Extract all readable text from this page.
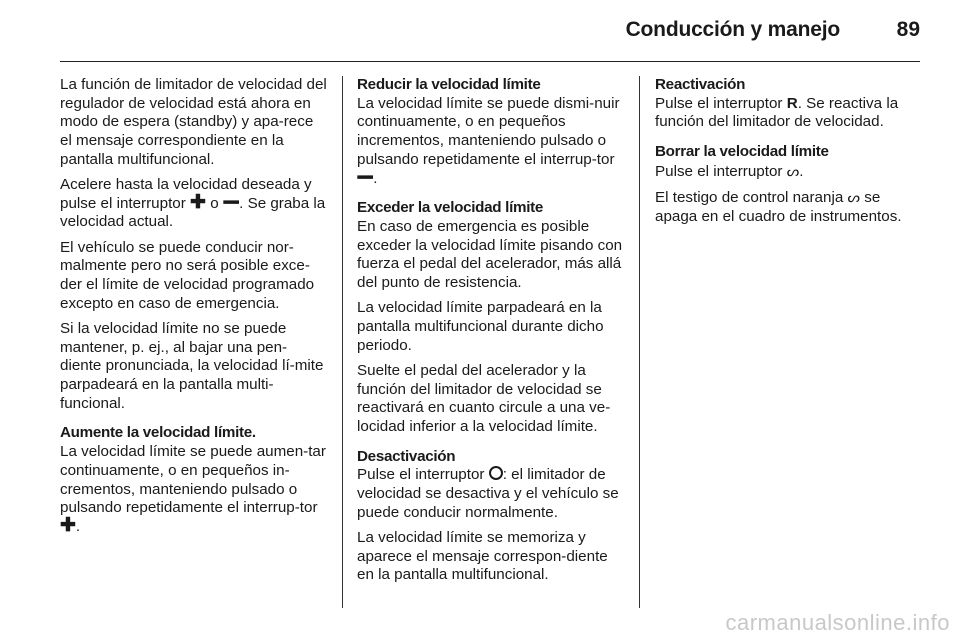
Conducción y manejo	89

La función de limitador de velocidad del regulador de velocidad está ahora en modo de espera (standby) y apa-rece el mensaje correspondiente en la pantalla multifuncional.

Acelere hasta la velocidad deseada y pulse el interruptor ✚ o ━. Se graba la velocidad actual.

El vehículo se puede conducir nor-malmente pero no será posible exce-der el límite de velocidad programado excepto en caso de emergencia.

Si la velocidad límite no se puede mantener, p. ej., al bajar una pen-diente pronunciada, la velocidad lí-mite parpadeará en la pantalla multi-funcional.

Aumente la velocidad límite.

La velocidad límite se puede aumen-tar continuamente, o en pequeños in-crementos, manteniendo pulsado o pulsando repetidamente el interrup-tor ✚.

Reducir la velocidad límite

La velocidad límite se puede dismi-nuir continuamente, o en pequeños incrementos, manteniendo pulsado o pulsando repetidamente el interrup-tor ━.

Exceder la velocidad límite

En caso de emergencia es posible exceder la velocidad límite pisando con fuerza el pedal del acelerador, más allá del punto de resistencia.

La velocidad límite parpadeará en la pantalla multifuncional durante dicho periodo.

Suelte el pedal del acelerador y la función del limitador de velocidad se reactivará en cuanto circule a una ve-locidad inferior a la velocidad límite.

Desactivación

Pulse el interruptor : el limitador de velocidad se desactiva y el vehículo se puede conducir normalmente.

La velocidad límite se memoriza y aparece el mensaje correspon-diente en la pantalla multifuncional.

Reactivación

Pulse el interruptor R. Se reactiva la función del limitador de velocidad.

Borrar la velocidad límite

Pulse el interruptor ᔕ.

El testigo de control naranja ᔕ se apaga en el cuadro de instrumentos.

carmanualsonline.info
